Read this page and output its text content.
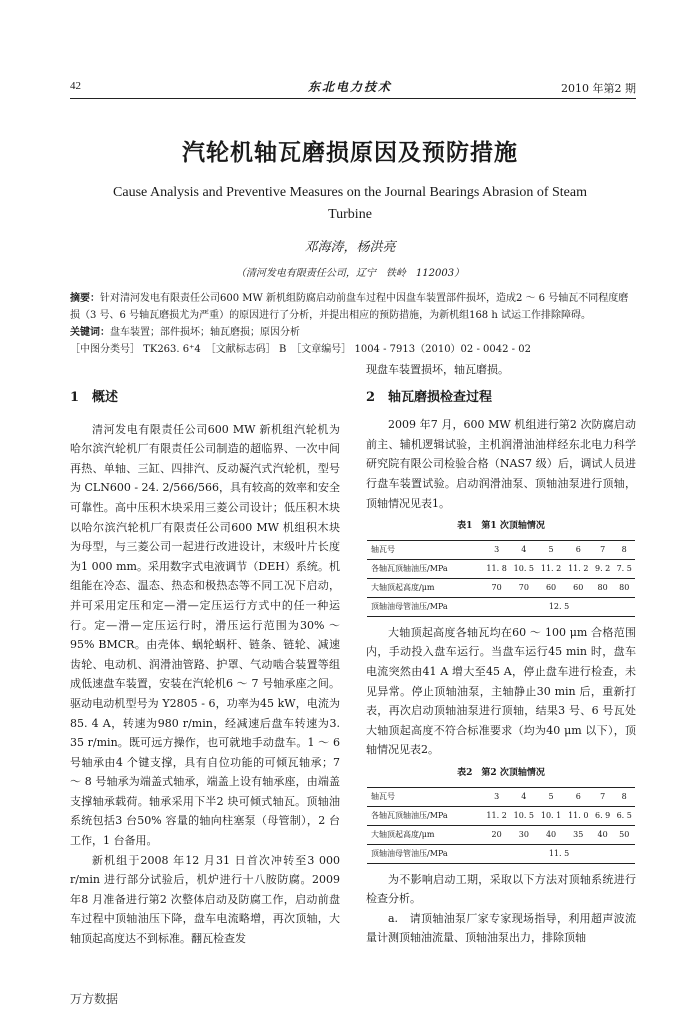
42	东北电力技术	2010 年第2 期
汽轮机轴瓦磨损原因及预防措施
Cause Analysis and Preventive Measures on the Journal Bearings Abrasion of Steam Turbine
邓海涛，杨洪亮
（清河发电有限责任公司，辽宁　铁岭　112003）
摘要：针对清河发电有限责任公司600 MW 新机组防腐启动前盘车过程中因盘车装置部件损坏，造成2 ～ 6 号轴瓦不同程度磨损（3 号、6 号轴瓦磨损尤为严重）的原因进行了分析，并提出相应的预防措施，为新机组168 h 试运工作排除障碍。
关键词：盘车装置；部件损坏；轴瓦磨损；原因分析
［中图分类号］ TK263. 6⁺4　［文献标志码］ B　［文章编号］ 1004 - 7913（2010）02 - 0042 - 02

1　概述

清河发电有限责任公司600 MW 新机组汽轮机为哈尔滨汽轮机厂有限责任公司制造的超临界、一次中间再热、单轴、三缸、四排汽、反动凝汽式汽轮机，型号为 CLN600 - 24. 2/566/566，具有较高的效率和安全可靠性。高中压积木块采用三菱公司设计；低压积木块以哈尔滨汽轮机厂有限责任公司600 MW 机组积木块为母型，与三菱公司一起进行改进设计，末级叶片长度为1 000 mm。采用数字式电液调节（DEH）系统。机组能在冷态、温态、热态和极热态等不同工况下启动，并可采用定压和定—滑—定压运行方式中的任一种运行。定—滑—定压运行时，滑压运行范围为30% ～ 95% BMCR。由壳体、蜗轮蜗杆、链条、链轮、减速齿轮、电动机、润滑油管路、护罩、气动啮合装置等组成低速盘车装置，安装在汽轮机6 ～ 7 号轴承座之间。驱动电动机型号为 Y2805 - 6，功率为45 kW，电流为85. 4 A，转速为980 r/min，经减速后盘车转速为3. 35 r/min。既可远方操作，也可就地手动盘车。1 ～ 6 号轴承由4 个键支撑，具有自位功能的可倾瓦轴承；7 ～ 8 号轴承为端盖式轴承，端盖上设有轴承座，由端盖支撑轴承载荷。轴承采用下半2 块可倾式轴瓦。顶轴油系统包括3 台50% 容量的轴向柱塞泵（母管制），2 台工作，1 台备用。

新机组于2008 年12 月31 日首次冲转至3 000 r/min 进行部分试验后，机炉进行十八胺防腐。2009 年8 月准备进行第2 次整体启动及防腐工作，启动前盘车过程中顶轴油压下降，盘车电流略增，再次顶轴，大轴顶起高度达不到标准。翻瓦检查发

现盘车装置损坏，轴瓦磨损。

2　轴瓦磨损检查过程

2009 年7 月，600 MW 机组进行第2 次防腐启动前主、辅机逻辑试验，主机润滑油油样经东北电力科学研究院有限公司检验合格（NAS7 级）后，调试人员进行盘车装置试验。启动润滑油泵、顶轴油泵进行顶轴，顶轴情况见表1。

表1　第1 次顶轴情况
轴瓦号	3	4	5	6	7	8
各轴瓦顶轴油压/MPa	11. 8	10. 5	11. 2	11. 2	9. 2	7. 5
大轴顶起高度/μm	70	70	60	60	80	80
顶轴油母管油压/MPa	12. 5					

大轴顶起高度各轴瓦均在60 ～ 100 μm 合格范围内，手动投入盘车运行。当盘车运行45 min 时，盘车电流突然由41 A 增大至45 A，停止盘车进行检查，未见异常。停止顶轴油泵，主轴静止30 min 后，重新打表，再次启动顶轴油泵进行顶轴，结果3 号、6 号瓦处大轴顶起高度不符合标准要求（均为40 μm 以下），顶轴情况见表2。

表2　第2 次顶轴情况
轴瓦号	3	4	5	6	7	8
各轴瓦顶轴油压/MPa	11. 2	10. 5	10. 1	11. 0	6. 9	6. 5
大轴顶起高度/μm	20	30	40	35	40	50
顶轴油母管油压/MPa	11. 5					

为不影响启动工期，采取以下方法对顶轴系统进行检查分析。

a.　请顶轴油泵厂家专家现场指导，利用超声波流量计测顶轴油流量、顶轴油泵出力，排除顶轴

万方数据
